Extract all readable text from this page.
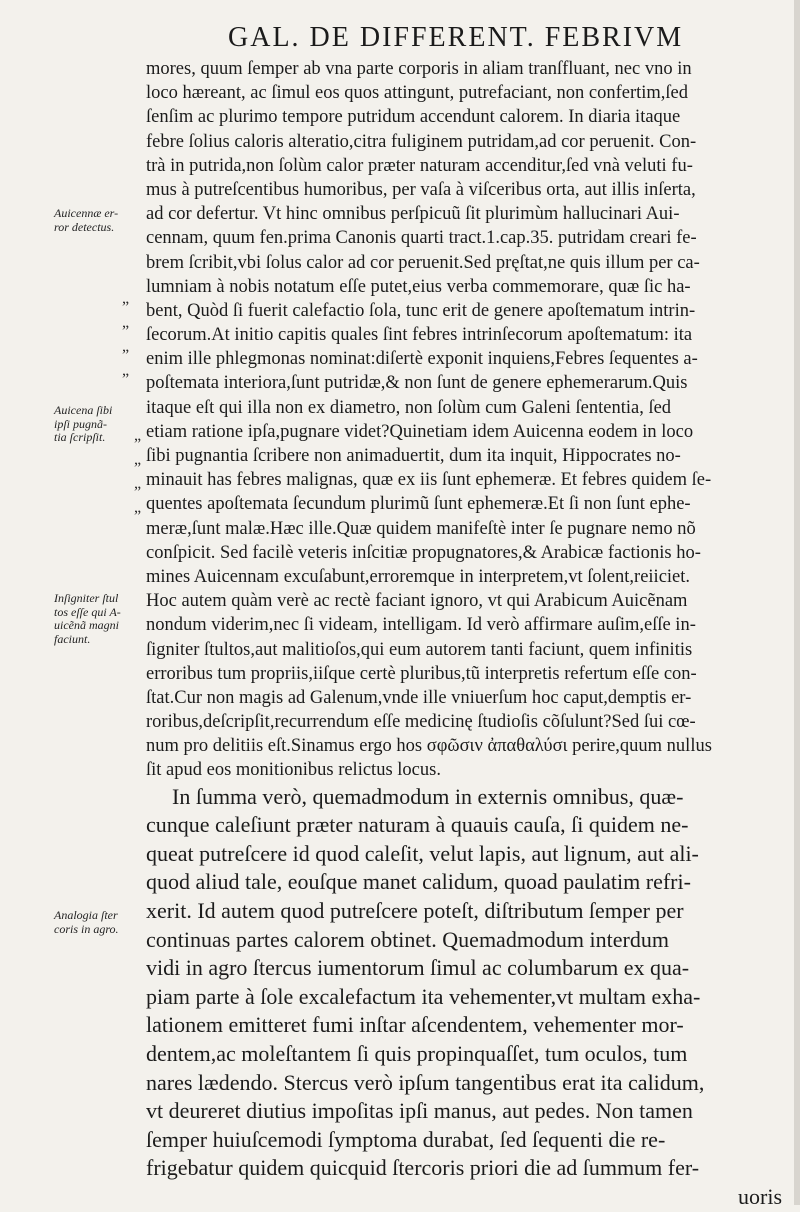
GAL. DE DIFFERENT. FEBRIVM
mores, quum ſemper ab vna parte corporis in aliam tranſfluant, nec vno in
loco hæreant, ac ſimul eos quos attingunt, putrefaciant, non confertim,ſed
ſenſim ac plurimo tempore putridum accendunt calorem. In diaria itaque
febre ſolius caloris alteratio,citra fuliginem putridam,ad cor peruenit. Con-
trà in putrida,non ſolùm calor præter naturam accenditur,ſed vnà veluti fu-
mus à putreſcentibus humoribus, per vaſa à viſceribus orta, aut illis inſerta,
ad cor defertur. Vt hinc omnibus perſpicuũ ſit plurimùm hallucinari Aui-
cennam, quum fen.prima Canonis quarti tract.1.cap.35. putridam creari fe-
brem ſcribit,vbi ſolus calor ad cor peruenit.Sed pręſtat,ne quis illum per ca-
lumniam à nobis notatum eſſe putet,eius verba commemorare, quæ ſic ha-
bent, Quòd ſi fuerit calefactio ſola, tunc erit de genere apoſtematum intrin-
ſecorum.At initio capitis quales ſint febres intrinſecorum apoſtematum: ita
enim ille phlegmonas nominat:diſertè exponit inquiens,Febres ſequentes a-
poſtemata interiora,ſunt putridæ,& non ſunt de genere ephemerarum.Quis
itaque eſt qui illa non ex diametro, non ſolùm cum Galeni ſententia, ſed
etiam ratione ipſa,pugnare videt?Quinetiam idem Auicenna eodem in loco
ſibi pugnantia ſcribere non animaduertit, dum ita inquit, Hippocrates no-
minauit has febres malignas, quæ ex iis ſunt ephemeræ. Et febres quidem ſe-
quentes apoſtemata ſecundum plurimũ ſunt ephemeræ.Et ſi non ſunt ephe-
meræ,ſunt malæ.Hæc ille.Quæ quidem manifeſtè inter ſe pugnare nemo nõ
conſpicit. Sed facilè veteris inſcitiæ propugnatores,& Arabicæ factionis ho-
mines Auicennam excuſabunt,erroremque in interpretem,vt ſolent,reiiciet.
Hoc autem quàm verè ac rectè faciant ignoro, vt qui Arabicum Auicẽnam
nondum viderim,nec ſi videam, intelligam. Id verò affirmare auſim,eſſe in-
ſigniter ſtultos,aut malitioſos,qui eum autorem tanti faciunt, quem infinitis
erroribus tum propriis,iiſque certè pluribus,tũ interpretis refertum eſſe con-
ſtat.Cur non magis ad Galenum,vnde ille vniuerſum hoc caput,demptis er-
roribus,deſcripſit,recurrendum eſſe medicinę ſtudioſis cõſulunt?Sed ſui cœ-
num pro delitiis eſt.Sinamus ergo hos σφῶσιν ἀπαθαλύσι perire,quum nullus
ſit apud eos monitionibus relictus locus.
In ſumma verò, quemadmodum in externis omnibus, quæ-
cunque caleſiunt præter naturam à quauis cauſa, ſi quidem ne-
queat putreſcere id quod caleſit, velut lapis, aut lignum, aut ali-
quod aliud tale, eouſque manet calidum, quoad paulatim refri-
xerit. Id autem quod putreſcere poteſt, diſtributum ſemper per
continuas partes calorem obtinet. Quemadmodum interdum
vidi in agro ſtercus iumentorum ſimul ac columbarum ex qua-
piam parte à ſole excalefactum ita vehementer,vt multam exha-
lationem emitteret fumi inſtar aſcendentem, vehementer mor-
dentem,ac moleſtantem ſi quis propinquaſſet, tum oculos, tum
nares lædendo. Stercus verò ipſum tangentibus erat ita calidum,
vt deureret diutius impoſitas ipſi manus, aut pedes. Non tamen
ſemper huiuſcemodi ſymptoma durabat, ſed ſequenti die re-
frigebatur quidem quicquid ſtercoris priori die ad ſummum fer-
uoris
„
„
„
„
„
„
„
„
Auicennæ er-
ror detectus.
Auicena ſibi
ipſi pugnã-
tia ſcripſit.
Inſigniter ſtul
tos eſſe qui A-
uicẽnã magni
faciunt.
Analogia ſter
coris in agro.
